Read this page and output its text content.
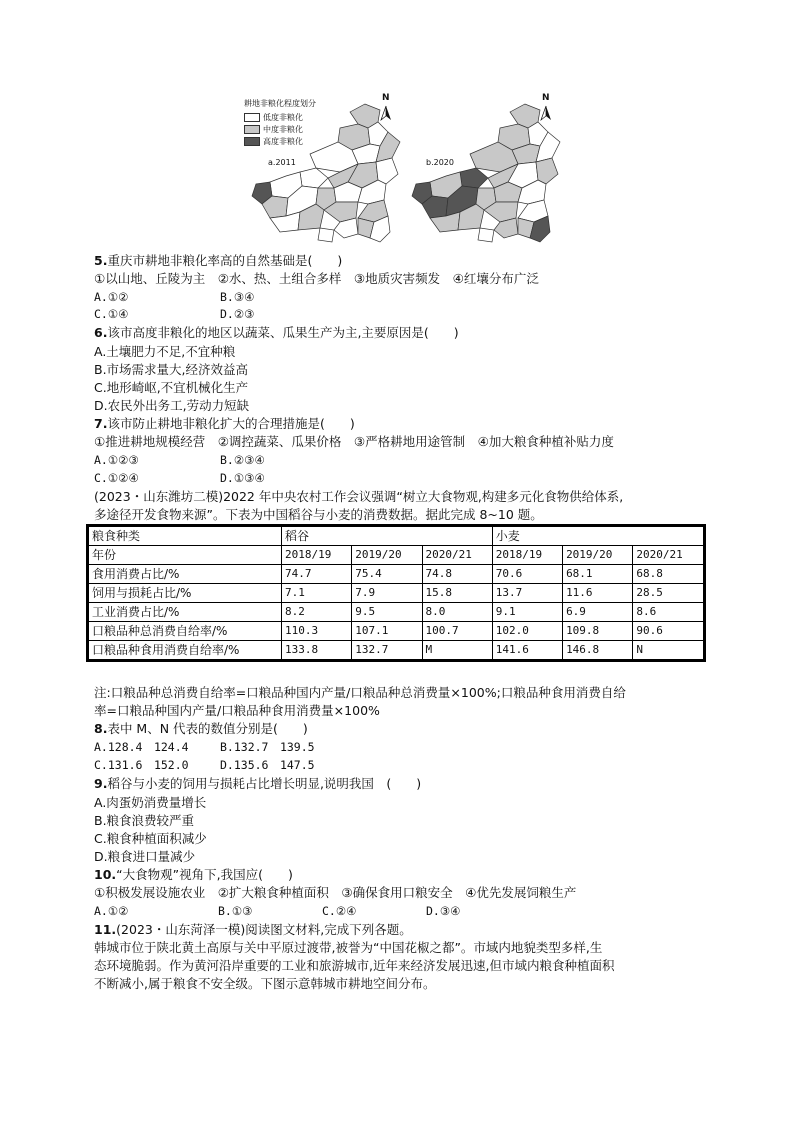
N	N
耕地非粮化程度划分
低度非粮化
中度非粮化
高度非粮化
a.2011	b.2020
5.重庆市耕地非粮化率高的自然基础是(　　)
①以山地、丘陵为主　②水、热、土组合多样　③地质灾害频发　④红壤分布广泛
A.①②	B.③④
C.①④	D.②③
6.该市高度非粮化的地区以蔬菜、瓜果生产为主,主要原因是(　　)
A.土壤肥力不足,不宜种粮
B.市场需求量大,经济效益高
C.地形崎岖,不宜机械化生产
D.农民外出务工,劳动力短缺
7.该市防止耕地非粮化扩大的合理措施是(　　)
①推进耕地规模经营　②调控蔬菜、瓜果价格　③严格耕地用途管制　④加大粮食种植补贴力度
A.①②③	B.②③④
C.①②④	D.①③④
(2023・山东潍坊二模)2022 年中央农村工作会议强调“树立大食物观,构建多元化食物供给体系,
多途径开发食物来源”。下表为中国稻谷与小麦的消费数据。据此完成 8~10 题。
粮食种类	稻谷			小麦		
年份	2018/19	2019/20	2020/21	2018/19	2019/20	2020/21
食用消费占比/%	74.7	75.4	74.8	70.6	68.1	68.8
饲用与损耗占比/%	7.1	7.9	15.8	13.7	11.6	28.5
工业消费占比/%	8.2	9.5	8.0	9.1	6.9	8.6
口粮品种总消费自给率/%	110.3	107.1	100.7	102.0	109.8	90.6
口粮品种食用消费自给率/%	133.8	132.7	M	141.6	146.8	N
注:口粮品种总消费自给率=口粮品种国内产量/口粮品种总消费量×100%;口粮品种食用消费自给
率=口粮品种国内产量/口粮品种食用消费量×100%
8.表中 M、N 代表的数值分别是(　　)
A.128.4　124.4	B.132.7　139.5
C.131.6　152.0	D.135.6　147.5
9.稻谷与小麦的饲用与损耗占比增长明显,说明我国　(　　)
A.肉蛋奶消费量增长
B.粮食浪费较严重
C.粮食种植面积减少
D.粮食进口量减少
10.“大食物观”视角下,我国应(　　)
①积极发展设施农业　②扩大粮食种植面积　③确保食用口粮安全　④优先发展饲粮生产
A.①②	B.①③	C.②④	D.③④
11.(2023・山东菏泽一模)阅读图文材料,完成下列各题。
韩城市位于陕北黄土高原与关中平原过渡带,被誉为“中国花椒之都”。市域内地貌类型多样,生
态环境脆弱。作为黄河沿岸重要的工业和旅游城市,近年来经济发展迅速,但市域内粮食种植面积
不断减小,属于粮食不安全级。下图示意韩城市耕地空间分布。
